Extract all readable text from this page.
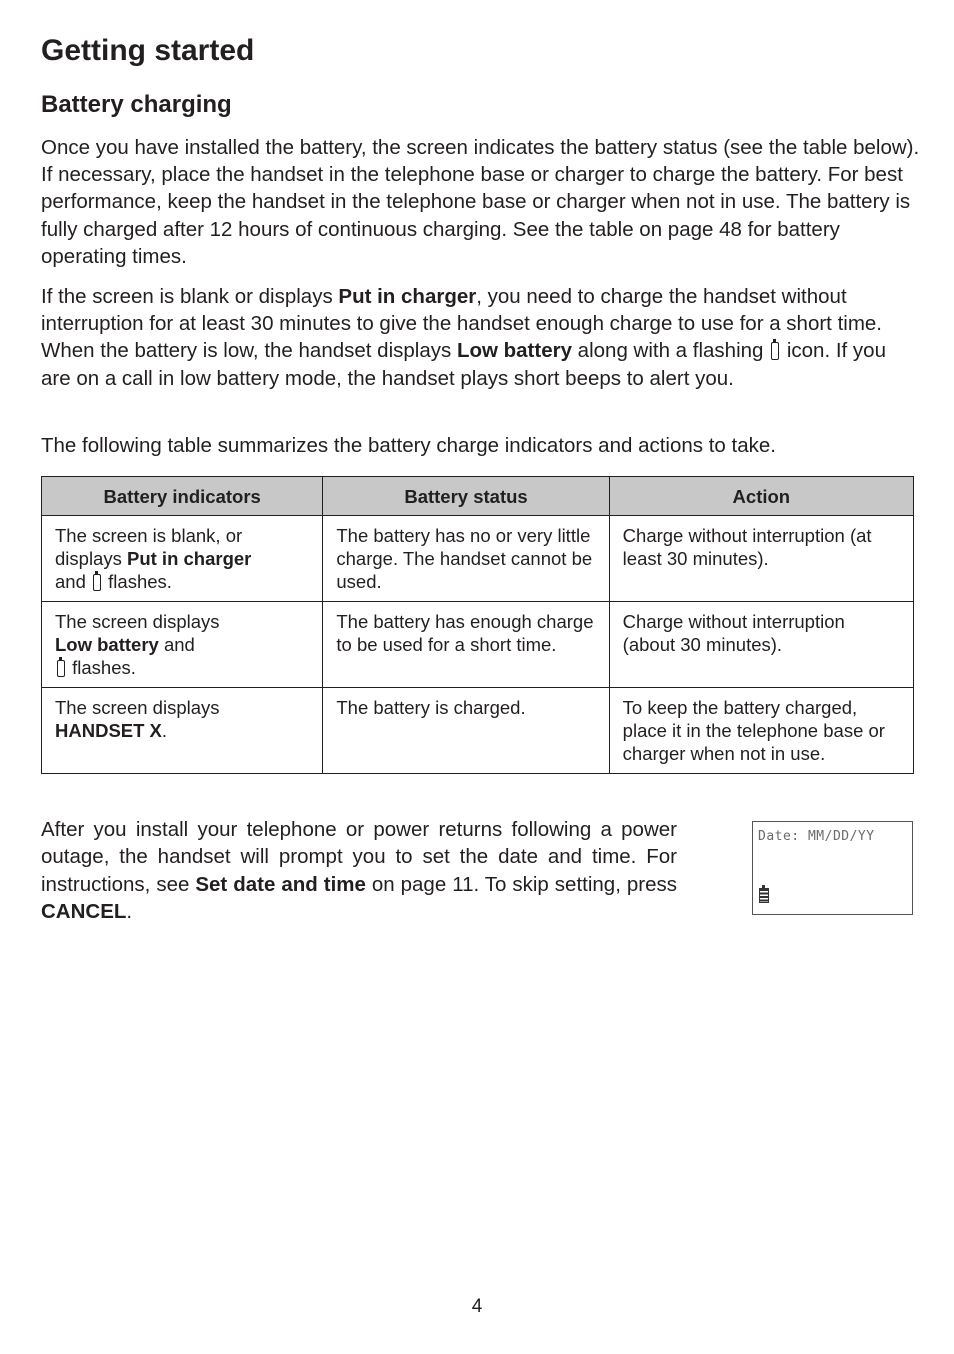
Getting started
Battery charging

Once you have installed the battery, the screen indicates the battery status (see the table below). If necessary, place the handset in the telephone base or charger to charge the battery. For best performance, keep the handset in the telephone base or charger when not in use. The battery is fully charged after 12 hours of continuous charging. See the table on page 48 for battery operating times.

If the screen is blank or displays Put in charger, you need to charge the handset without interruption for at least 30 minutes to give the handset enough charge to use for a short time. When the battery is low, the handset displays Low battery along with a flashing  icon. If you are on a call in low battery mode, the handset plays short beeps to alert you.

The following table summarizes the battery charge indicators and actions to take.

Battery indicators	Battery status	Action
The screen is blank, or displays Put in charger
and  flashes.	The battery has no or very little charge. The handset cannot be used.	Charge without interruption (at least 30 minutes).
The screen displays
Low battery and
flashes.	The battery has enough charge to be used for a short time.	Charge without interruption (about 30 minutes).
The screen displays
HANDSET X.	The battery is charged.	To keep the battery charged, place it in the telephone base or charger when not in use.

After you install your telephone or power returns following a power outage, the handset will prompt you to set the date and time. For instructions, see Set date and time on page 11. To skip setting, press CANCEL.

Date: MM/DD/YY

4
